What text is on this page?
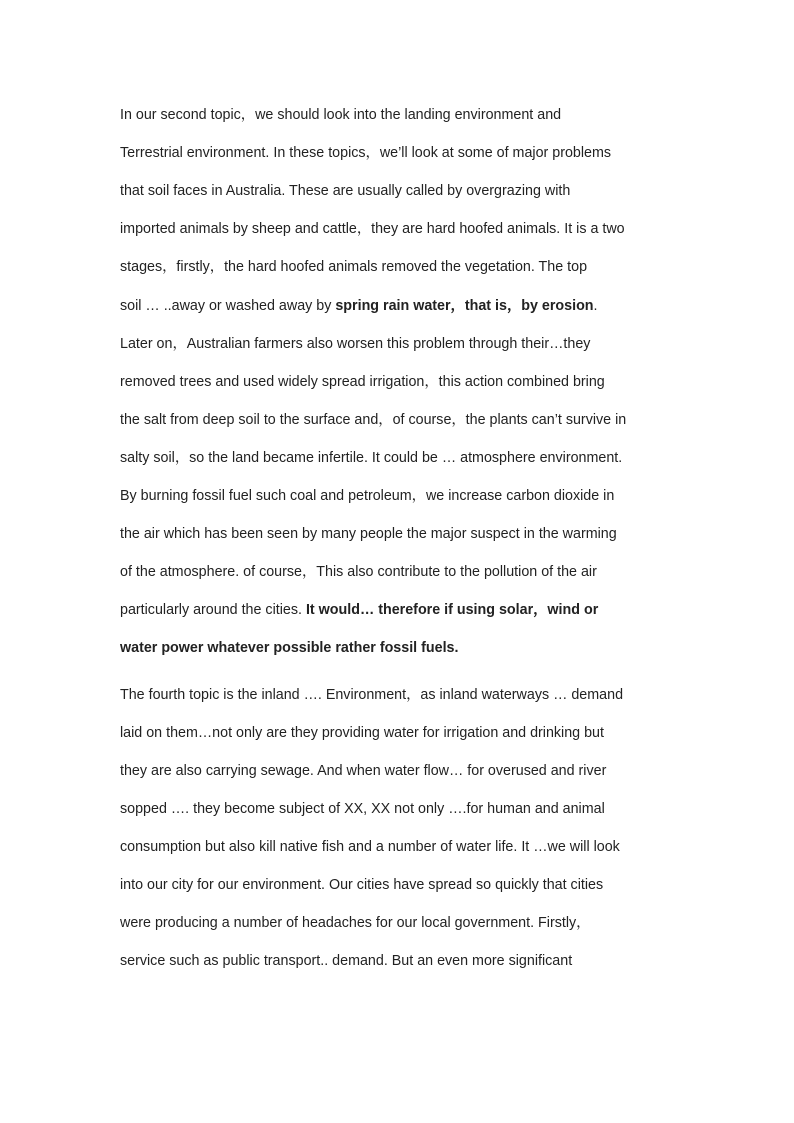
In our second topic，we should look into the landing environment and
Terrestrial environment. In these topics，we’ll look at some of major problems
that soil faces in Australia. These are usually called by overgrazing with
imported animals by sheep and cattle，they are hard hoofed animals. It is a two
stages，firstly，the hard hoofed animals removed the vegetation. The top
soil … ..away or washed away by spring rain water，that is，by erosion.
Later on，Australian farmers also worsen this problem through their…they
removed trees and used widely spread irrigation，this action combined bring
the salt from deep soil to the surface and，of course，the plants can’t survive in
salty soil，so the land became infertile. It could be … atmosphere environment.
By burning fossil fuel such coal and petroleum，we increase carbon dioxide in
the air which has been seen by many people the major suspect in the warming
of the atmosphere. of course，This also contribute to the pollution of the air
particularly around the cities. It would… therefore if using solar，wind or
water power whatever possible rather fossil fuels.
The fourth topic is the inland …. Environment，as inland waterways … demand
laid on them…not only are they providing water for irrigation and drinking but
they are also carrying sewage. And when water flow… for overused and river
sopped …. they become subject of XX, XX not only ….for human and animal
consumption but also kill native fish and a number of water life. It …we will look
into our city for our environment. Our cities have spread so quickly that cities
were producing a number of headaches for our local government. Firstly，
service such as public transport.. demand. But an even more significant
